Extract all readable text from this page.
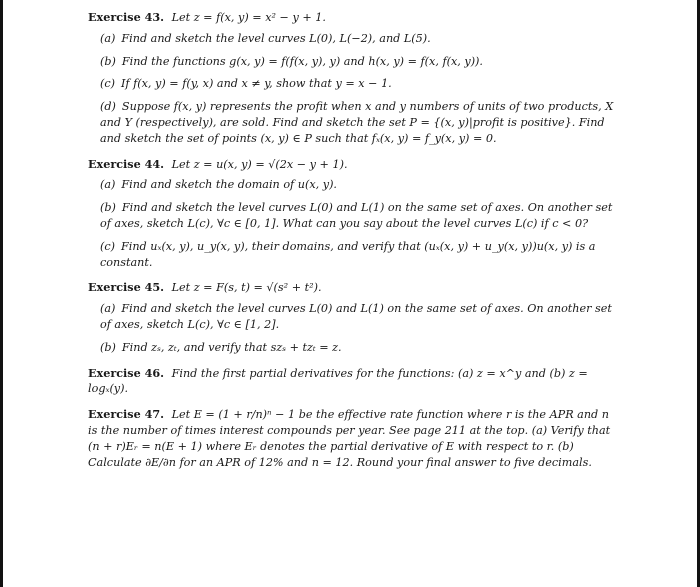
Exercise 43. Let z = f(x, y) = x² − y + 1.
(a) Find and sketch the level curves L(0), L(−2), and L(5).
(b) Find the functions g(x, y) = f(f(x, y), y) and h(x, y) = f(x, f(x, y)).
(c) If f(x, y) = f(y, x) and x ≠ y, show that y = x − 1.
(d) Suppose f(x, y) represents the profit when x and y numbers of units of two products, X and Y (respectively), are sold. Find and sketch the set P = {(x, y)|profit is positive}. Find and sketch the set of points (x, y) ∈ P such that fₓ(x, y) = f_y(x, y) = 0.
Exercise 44. Let z = u(x, y) = √(2x − y + 1).
(a) Find and sketch the domain of u(x, y).
(b) Find and sketch the level curves L(0) and L(1) on the same set of axes. On another set of axes, sketch L(c), ∀c ∈ [0, 1]. What can you say about the level curves L(c) if c < 0?
(c) Find uₓ(x, y), u_y(x, y), their domains, and verify that (uₓ(x, y) + u_y(x, y))u(x, y) is a constant.
Exercise 45. Let z = F(s, t) = √(s² + t²).
(a) Find and sketch the level curves L(0) and L(1) on the same set of axes. On another set of axes, sketch L(c), ∀c ∈ [1, 2].
(b) Find zₛ, zₜ, and verify that szₛ + tzₜ = z.
Exercise 46. Find the first partial derivatives for the functions: (a) z = x^y and (b) z = logₓ(y).
Exercise 47. Let E = (1 + r/n)ⁿ − 1 be the effective rate function where r is the APR and n is the number of times interest compounds per year. See page 211 at the top. (a) Verify that (n + r)Eᵣ = n(E + 1) where Eᵣ denotes the partial derivative of E with respect to r. (b) Calculate ∂E/∂n for an APR of 12% and n = 12. Round your final answer to five decimals.
